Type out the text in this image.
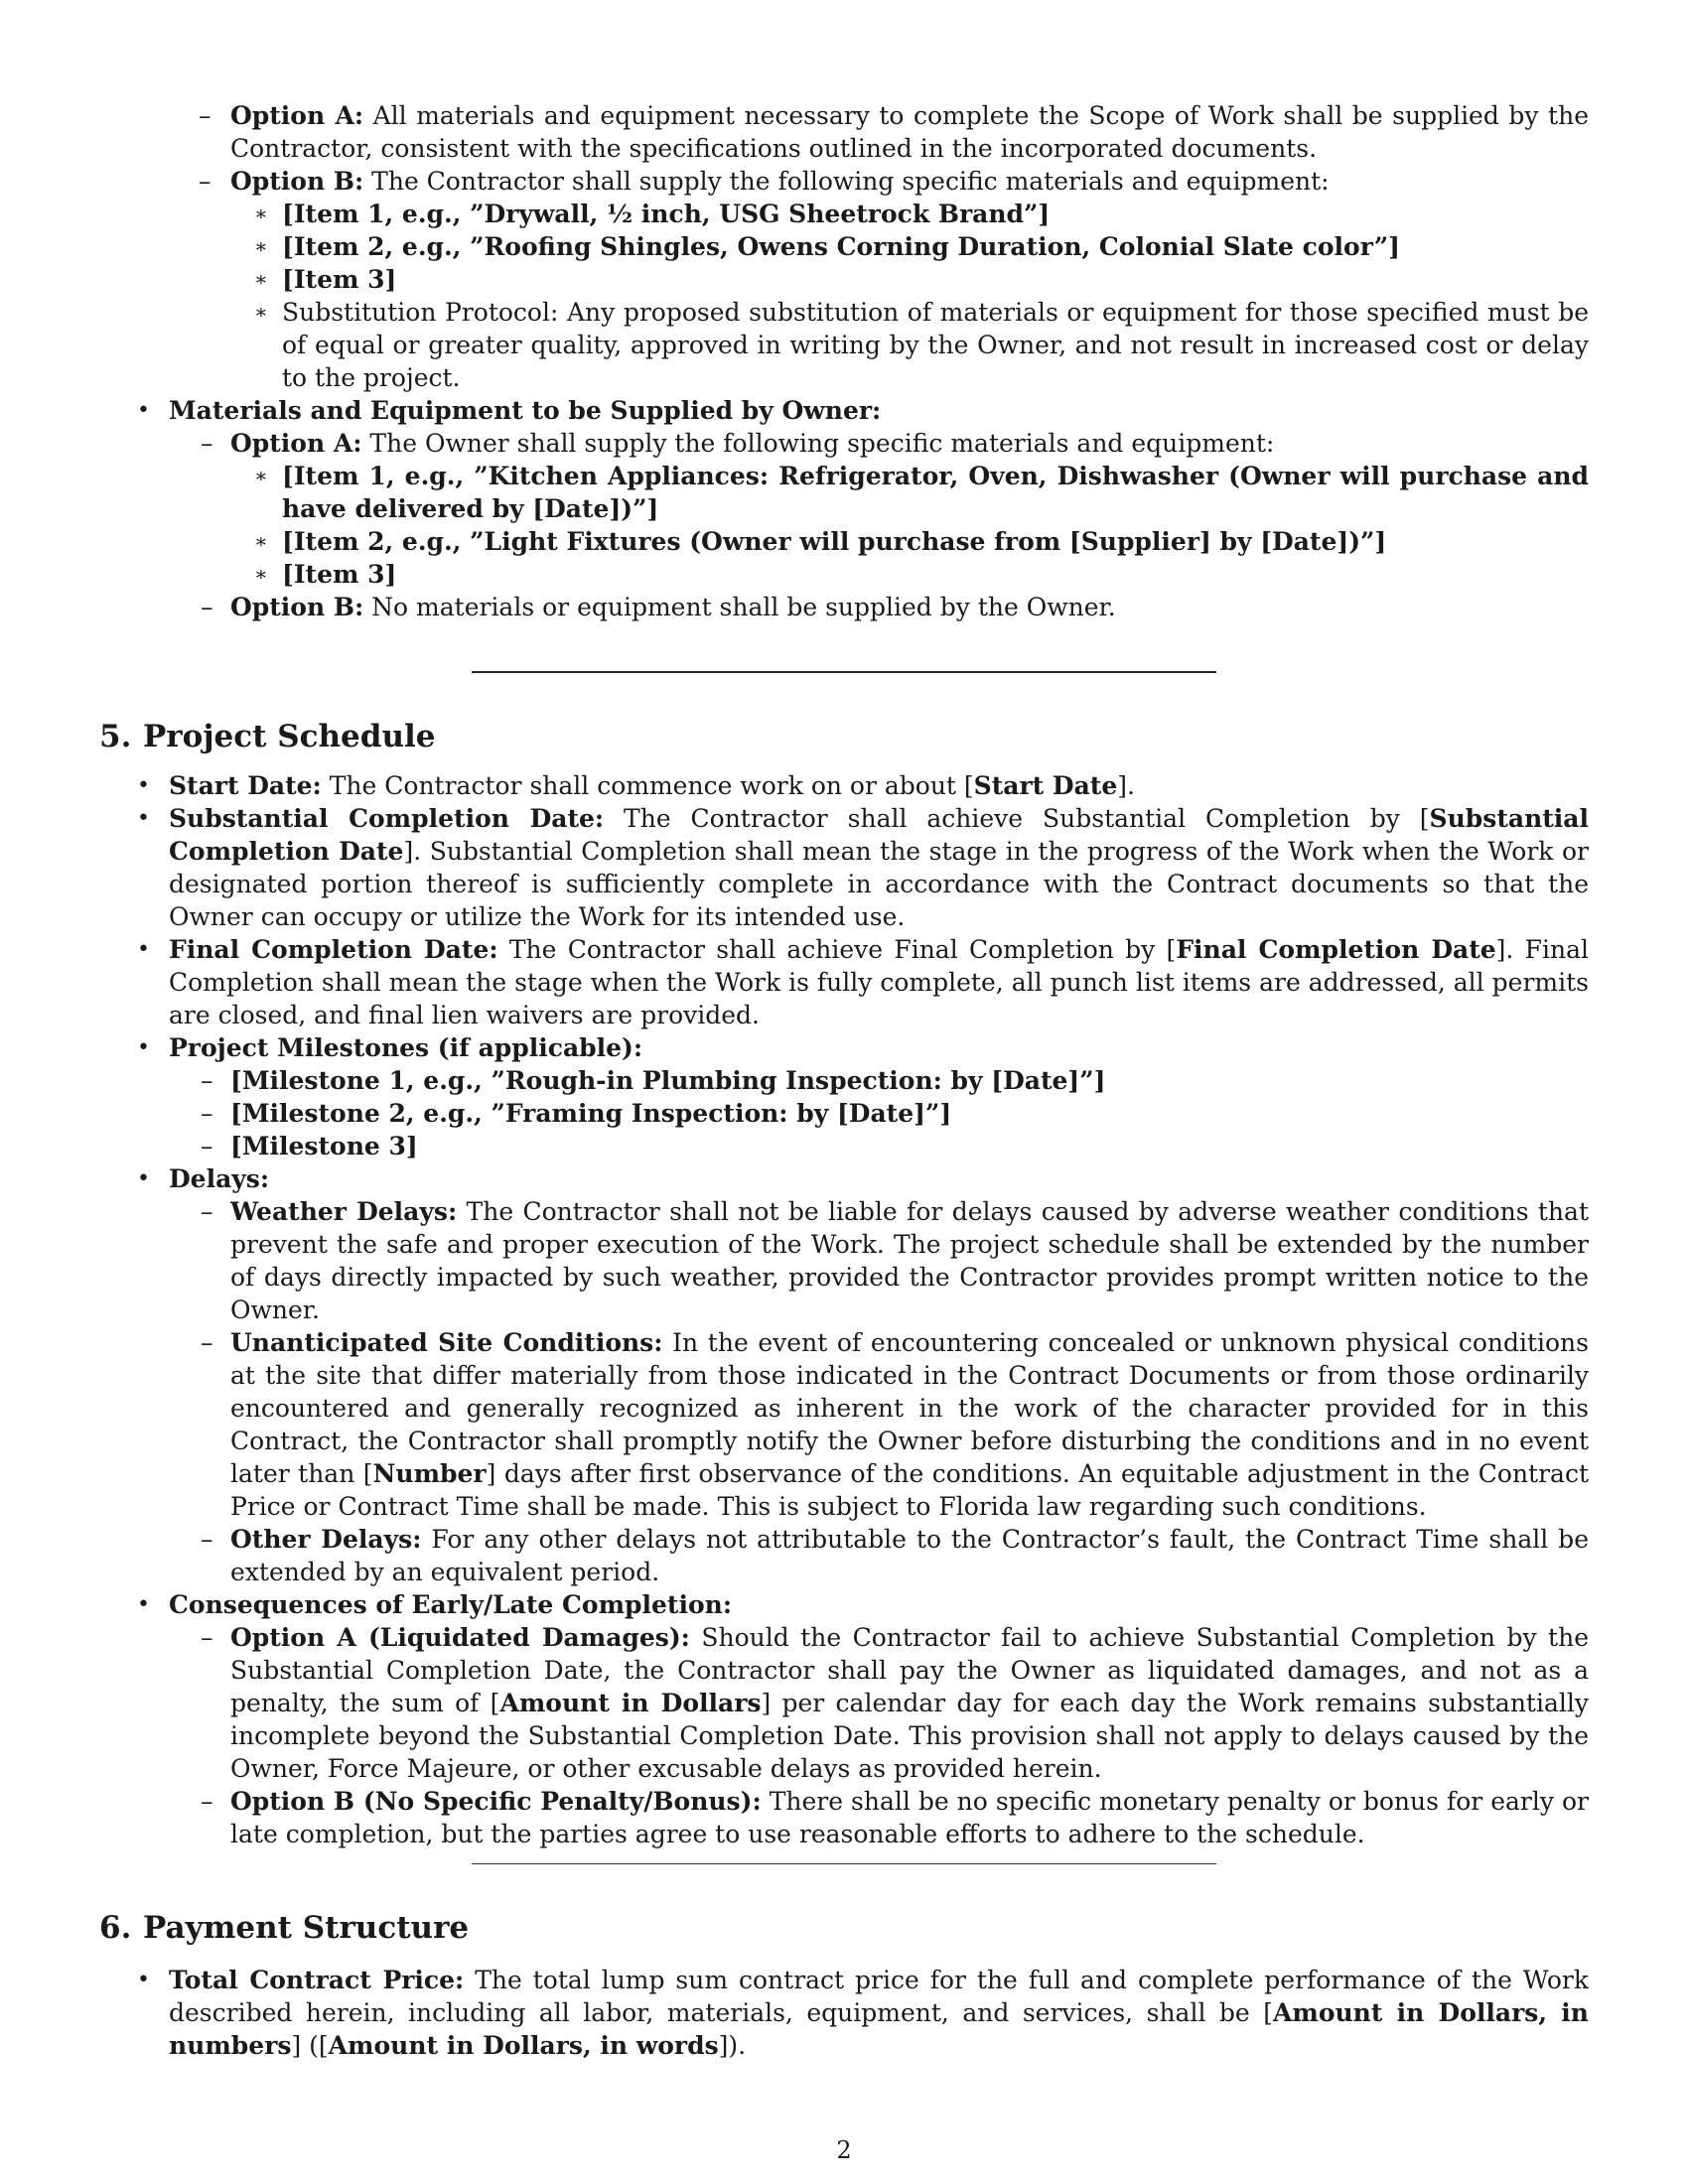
– Option A: All materials and equipment necessary to complete the Scope of Work shall be supplied by the Contractor, consistent with the specifications outlined in the incorporated documents.
– Option B: The Contractor shall supply the following specific materials and equipment:
∗ [Item 1, e.g., ”Drywall, ½ inch, USG Sheetrock Brand”]
∗ [Item 2, e.g., ”Roofing Shingles, Owens Corning Duration, Colonial Slate color”]
∗ [Item 3]
∗ Substitution Protocol: Any proposed substitution of materials or equipment for those specified must be of equal or greater quality, approved in writing by the Owner, and not result in increased cost or delay to the project.
• Materials and Equipment to be Supplied by Owner:
– Option A: The Owner shall supply the following specific materials and equipment:
∗ [Item 1, e.g., ”Kitchen Appliances: Refrigerator, Oven, Dishwasher (Owner will purchase and have delivered by [Date])”]
∗ [Item 2, e.g., ”Light Fixtures (Owner will purchase from [Supplier] by [Date])”]
∗ [Item 3]
– Option B: No materials or equipment shall be supplied by the Owner.
5. Project Schedule
• Start Date: The Contractor shall commence work on or about [Start Date].
• Substantial Completion Date: The Contractor shall achieve Substantial Completion by [Substantial Completion Date]. Substantial Completion shall mean the stage in the progress of the Work when the Work or designated portion thereof is sufficiently complete in accordance with the Contract documents so that the Owner can occupy or utilize the Work for its intended use.
• Final Completion Date: The Contractor shall achieve Final Completion by [Final Completion Date]. Final Completion shall mean the stage when the Work is fully complete, all punch list items are addressed, all permits are closed, and final lien waivers are provided.
• Project Milestones (if applicable):
– [Milestone 1, e.g., ”Rough-in Plumbing Inspection: by [Date]”]
– [Milestone 2, e.g., ”Framing Inspection: by [Date]”]
– [Milestone 3]
• Delays:
– Weather Delays: The Contractor shall not be liable for delays caused by adverse weather conditions that prevent the safe and proper execution of the Work. The project schedule shall be extended by the number of days directly impacted by such weather, provided the Contractor provides prompt written notice to the Owner.
– Unanticipated Site Conditions: In the event of encountering concealed or unknown physical conditions at the site that differ materially from those indicated in the Contract Documents or from those ordinarily encountered and generally recognized as inherent in the work of the character provided for in this Contract, the Contractor shall promptly notify the Owner before disturbing the conditions and in no event later than [Number] days after first observance of the conditions. An equitable adjustment in the Contract Price or Contract Time shall be made. This is subject to Florida law regarding such conditions.
– Other Delays: For any other delays not attributable to the Contractor’s fault, the Contract Time shall be extended by an equivalent period.
• Consequences of Early/Late Completion:
– Option A (Liquidated Damages): Should the Contractor fail to achieve Substantial Completion by the Substantial Completion Date, the Contractor shall pay the Owner as liquidated damages, and not as a penalty, the sum of [Amount in Dollars] per calendar day for each day the Work remains substantially incomplete beyond the Substantial Completion Date. This provision shall not apply to delays caused by the Owner, Force Majeure, or other excusable delays as provided herein.
– Option B (No Specific Penalty/Bonus): There shall be no specific monetary penalty or bonus for early or late completion, but the parties agree to use reasonable efforts to adhere to the schedule.
6. Payment Structure
• Total Contract Price: The total lump sum contract price for the full and complete performance of the Work described herein, including all labor, materials, equipment, and services, shall be [Amount in Dollars, in numbers] ([Amount in Dollars, in words]).
2
